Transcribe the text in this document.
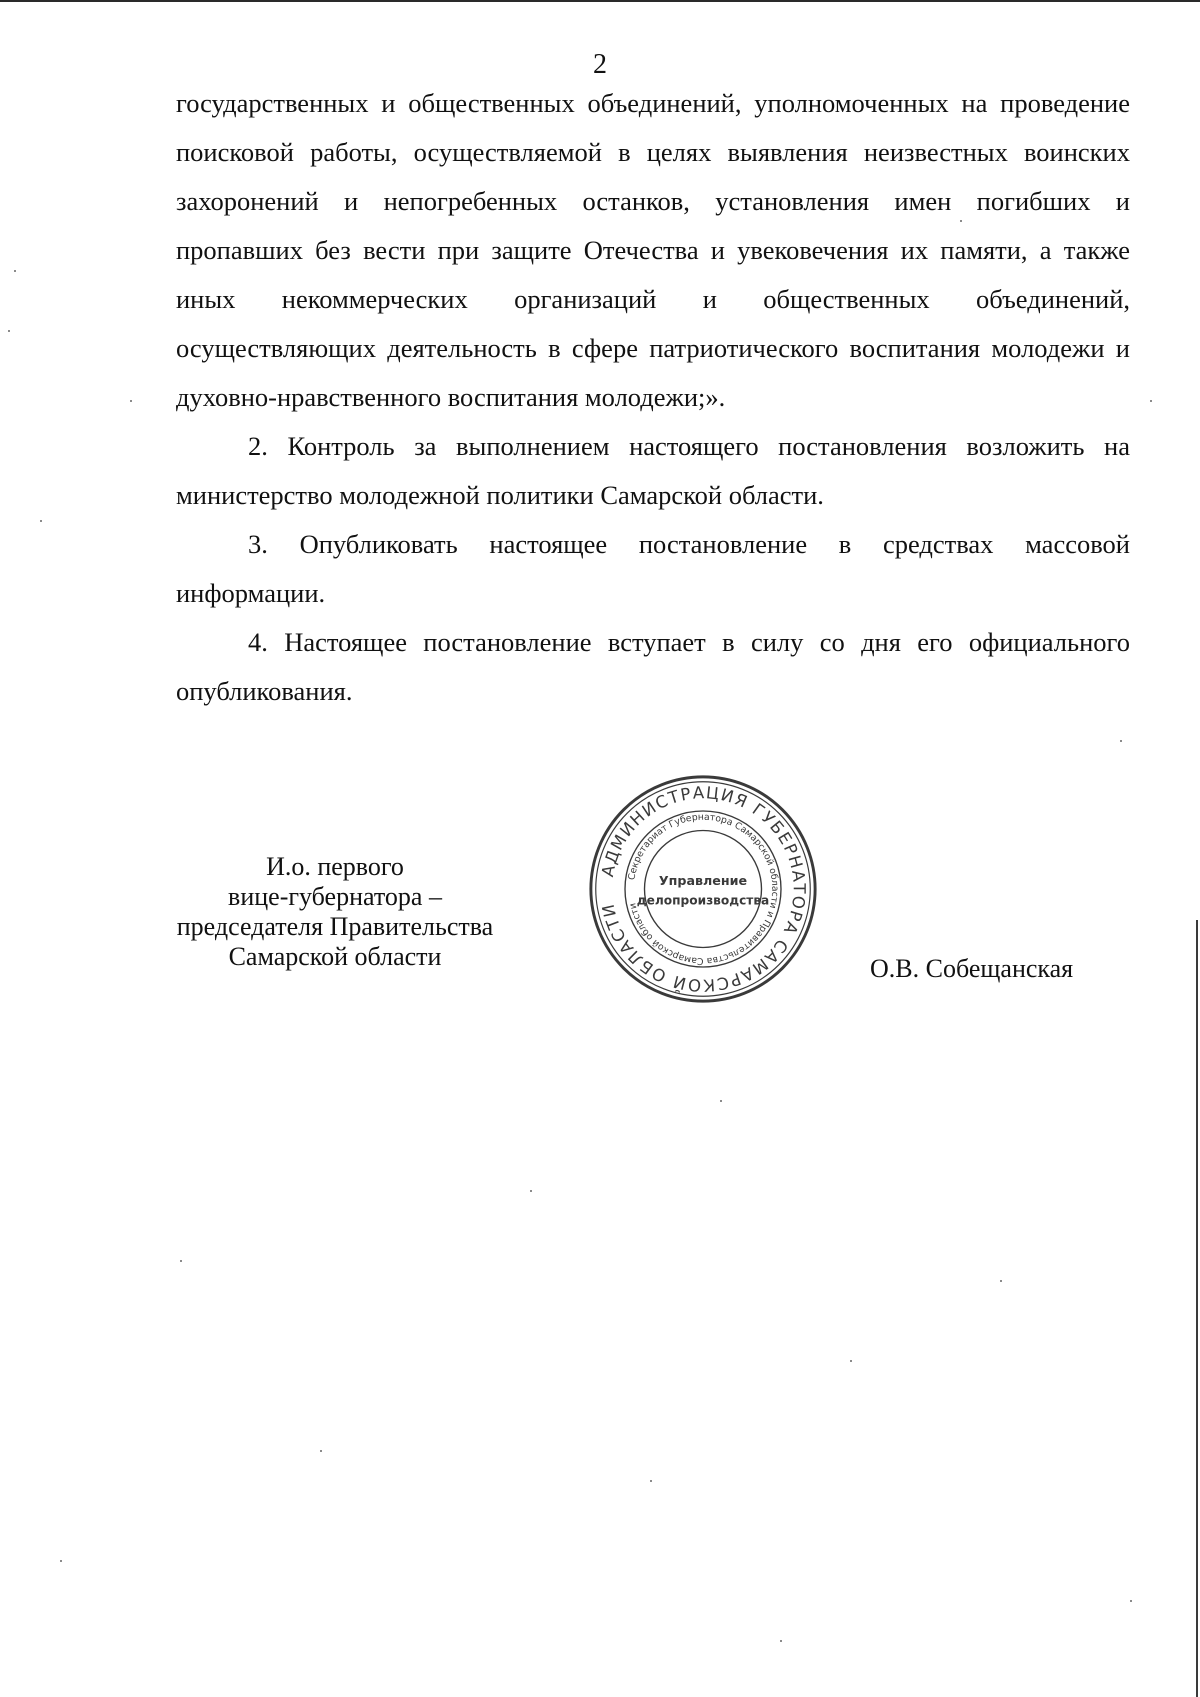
2

государственных и общественных объединений, уполномоченных на проведение поисковой работы, осуществляемой в целях выявления неизвестных воинских захоронений и непогребенных останков, установления имен погибших и пропавших без вести при защите Отечества и увековечения их памяти, а также иных некоммерческих организаций и общественных объединений, осуществляющих деятельность в сфере патриотического воспитания молодежи и духовно-нравственного воспитания молодежи;».

2. Контроль за выполнением настоящего постановления возложить на министерство молодежной политики Самарской области.

3. Опубликовать настоящее постановление в средствах массовой информации.

4. Настоящее постановление вступает в силу со дня его официального опубликования.

И.о. первого
вице-губернатора –
председателя Правительства
Самарской области
АДМИНИСТРАЦИЯ ГУБЕРНАТОРА САМАРСКОЙ ОБЛАСТИ
Секретариат Губернатора Самарской области и Правительства Самарской области
Управление
делопроизводства
О.В. Собещанская
